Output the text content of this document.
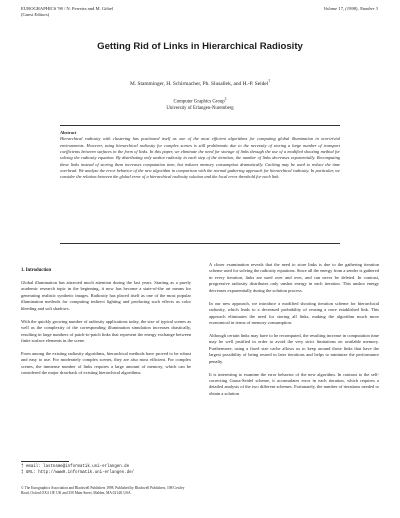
EUROGRAPHICS '98 / N. Ferreira and M. Göbel
(Guest Editors)
Volume 17, (1998), Number 3
Getting Rid of Links in Hierarchical Radiosity
M. Stamminger, H. Schirmacher, Ph. Slusallek, and H.-P. Seidel†
Computer Graphics Group‡
University of Erlangen-Nuremberg
Abstract
Hierarchical radiosity with clustering has positioned itself as one of the most efficient algorithms for computing global illumination in non-trivial environments. However, using hierarchical radiosity for complex scenes is still problematic due to the necessity of storing a large number of transport coefficients between surfaces in the form of links. In this paper, we eliminate the need for storage of links through the use of a modified shooting method for solving the radiosity equation. By distributing only unshot radiosity in each step of the iteration, the number of links decreases exponentially. Recomputing these links instead of storing them increases computation time, but reduces memory consumption dramatically. Caching may be used to reduce the time overhead. We analyze the error behavior of the new algorithm in comparison with the normal gathering approach for hierarchical radiosity. In particular, we consider the relation between the global error of a hierarchical radiosity solution and the local error threshold for each link.
1. Introduction

Global illumination has attracted much attention during the last years. Starting as a purely academic research topic in the beginning, it now has become a state-of-the art means for generating realistic synthetic images. Radiosity has placed itself as one of the most popular illumination methods for computing indirect lighting and producing such effects as color bleeding and soft shadows.

With the quickly growing number of radiosity applications today, the size of typical scenes as well as the complexity of the corresponding illumination simulation increases drastically, resulting in large numbers of patch-to-patch links that represent the energy exchange between finite surface elements in the scene.

From among the existing radiosity algorithms, hierarchical methods have proved to be robust and easy to use. For moderately complex scenes, they are also most efficient. For complex scenes, the immense number of links requires a large amount of memory, which can be considered the major drawback of existing hierarchical algorithms.

A closer examination reveals that the need to store links is due to the gathering iteration scheme used for solving the radiosity equations. Since all the energy from a sender is gathered in every iteration, links are used over and over, and can never be deleted. In contrast, progressive radiosity distributes only unshot energy in each iteration. This unshot energy decreases exponentially during the solution process.

In our new approach, we introduce a modified shooting iteration scheme for hierarchical radiosity, which leads to a decreased probability of reusing a once established link. This approach eliminates the need for storing all links, making the algorithm much more economical in terms of memory consumption.

Although certain links may have to be recomputed, the resulting increase in computation time may be well justified in order to avoid the very strict limitations on available memory. Furthermore, using a fixed size cache allows us to keep around those links that have the largest possibility of being reused in later iterations and helps to minimize the performance penalty.

It is interesting to examine the error behavior of the new algorithm. In contrast to the self-correcting Gauss-Seidel scheme, it accumulates error in each iteration, which requires a detailed analysis of the two different schemes. Fortunately, the number of iterations needed to obtain a solution

† email: lastname@informatik.uni-erlangen.de
‡ URL: http://www9.informatik.uni-erlangen.de/
© The Eurographics Association and Blackwell Publishers 1998. Published by Blackwell Publishers, 108 Cowley Road, Oxford OX4 1JF, UK and 350 Main Street, Malden, MA 02148, USA.
